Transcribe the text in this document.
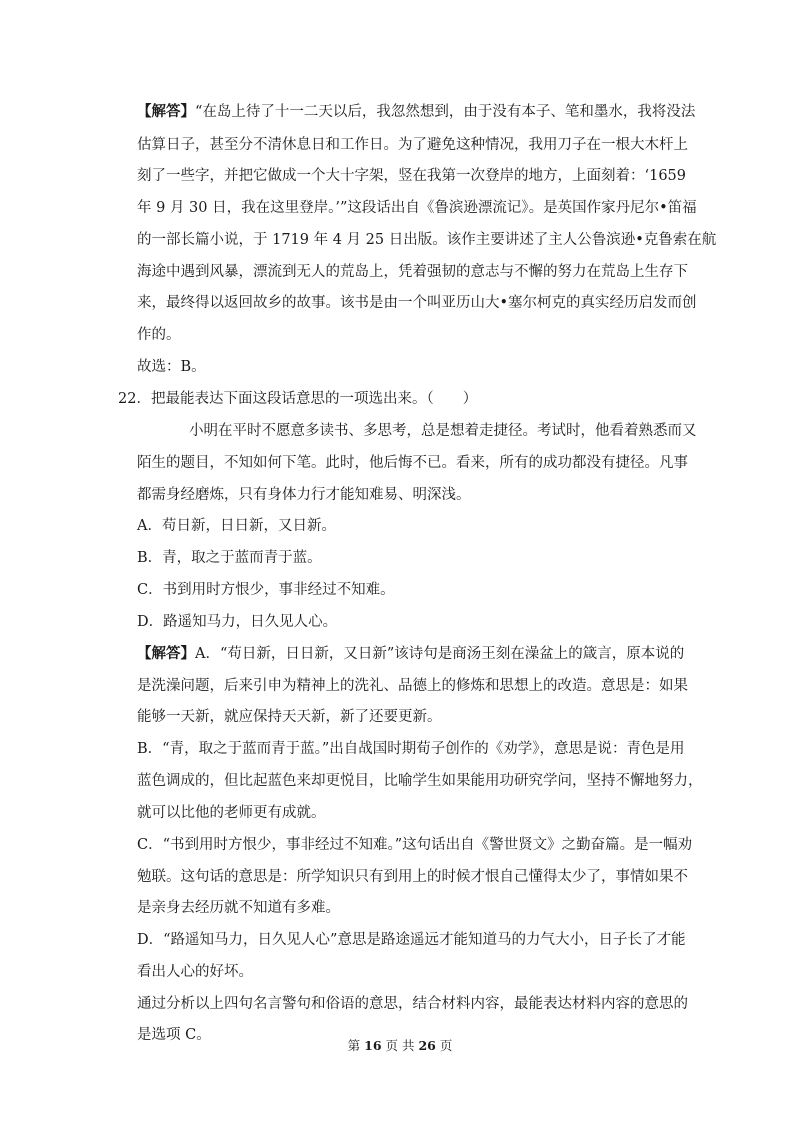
【解答】“在岛上待了十一二天以后，我忽然想到，由于没有本子、笔和墨水，我将没法

估算日子，甚至分不清休息日和工作日。为了避免这种情况，我用刀子在一根大木杆上

刻了一些字，并把它做成一个大十字架，竖在我第一次登岸的地方，上面刻着：‘1659

年 9 月 30 日，我在这里登岸。’”这段话出自《鲁滨逊漂流记》。是英国作家丹尼尔•笛福

的一部长篇小说，于 1719 年 4 月 25 日出版。该作主要讲述了主人公鲁滨逊•克鲁索在航

海途中遇到风暴，漂流到无人的荒岛上，凭着强韧的意志与不懈的努力在荒岛上生存下

来，最终得以返回故乡的故事。该书是由一个叫亚历山大•塞尔柯克的真实经历启发而创

作的。

故选：B。

22．把最能表达下面这段话意思的一项选出来。（　　）

小明在平时不愿意多读书、多思考，总是想着走捷径。考试时，他看着熟悉而又

陌生的题目，不知如何下笔。此时，他后悔不已。看来，所有的成功都没有捷径。凡事

都需身经磨炼，只有身体力行才能知难易、明深浅。

A．苟日新，日日新，又日新。

B．青，取之于蓝而青于蓝。

C．书到用时方恨少，事非经过不知难。

D．路遥知马力，日久见人心。

【解答】A．“苟日新，日日新，又日新”该诗句是商汤王刻在澡盆上的箴言，原本说的

是洗澡问题，后来引申为精神上的洗礼、品德上的修炼和思想上的改造。意思是：如果

能够一天新，就应保持天天新，新了还要更新。

B．“青，取之于蓝而青于蓝。”出自战国时期荀子创作的《劝学》，意思是说：青色是用

蓝色调成的，但比起蓝色来却更悦目，比喻学生如果能用功研究学问，坚持不懈地努力，

就可以比他的老师更有成就。

C．“书到用时方恨少，事非经过不知难。”这句话出自《警世贤文》之勤奋篇。是一幅劝

勉联。这句话的意思是：所学知识只有到用上的时候才恨自己懂得太少了，事情如果不

是亲身去经历就不知道有多难。

D．“路遥知马力，日久见人心”意思是路途遥远才能知道马的力气大小，日子长了才能

看出人心的好坏。

通过分析以上四句名言警句和俗语的意思，结合材料内容，最能表达材料内容的意思的

是选项 C。

第 16 页 共 26 页
